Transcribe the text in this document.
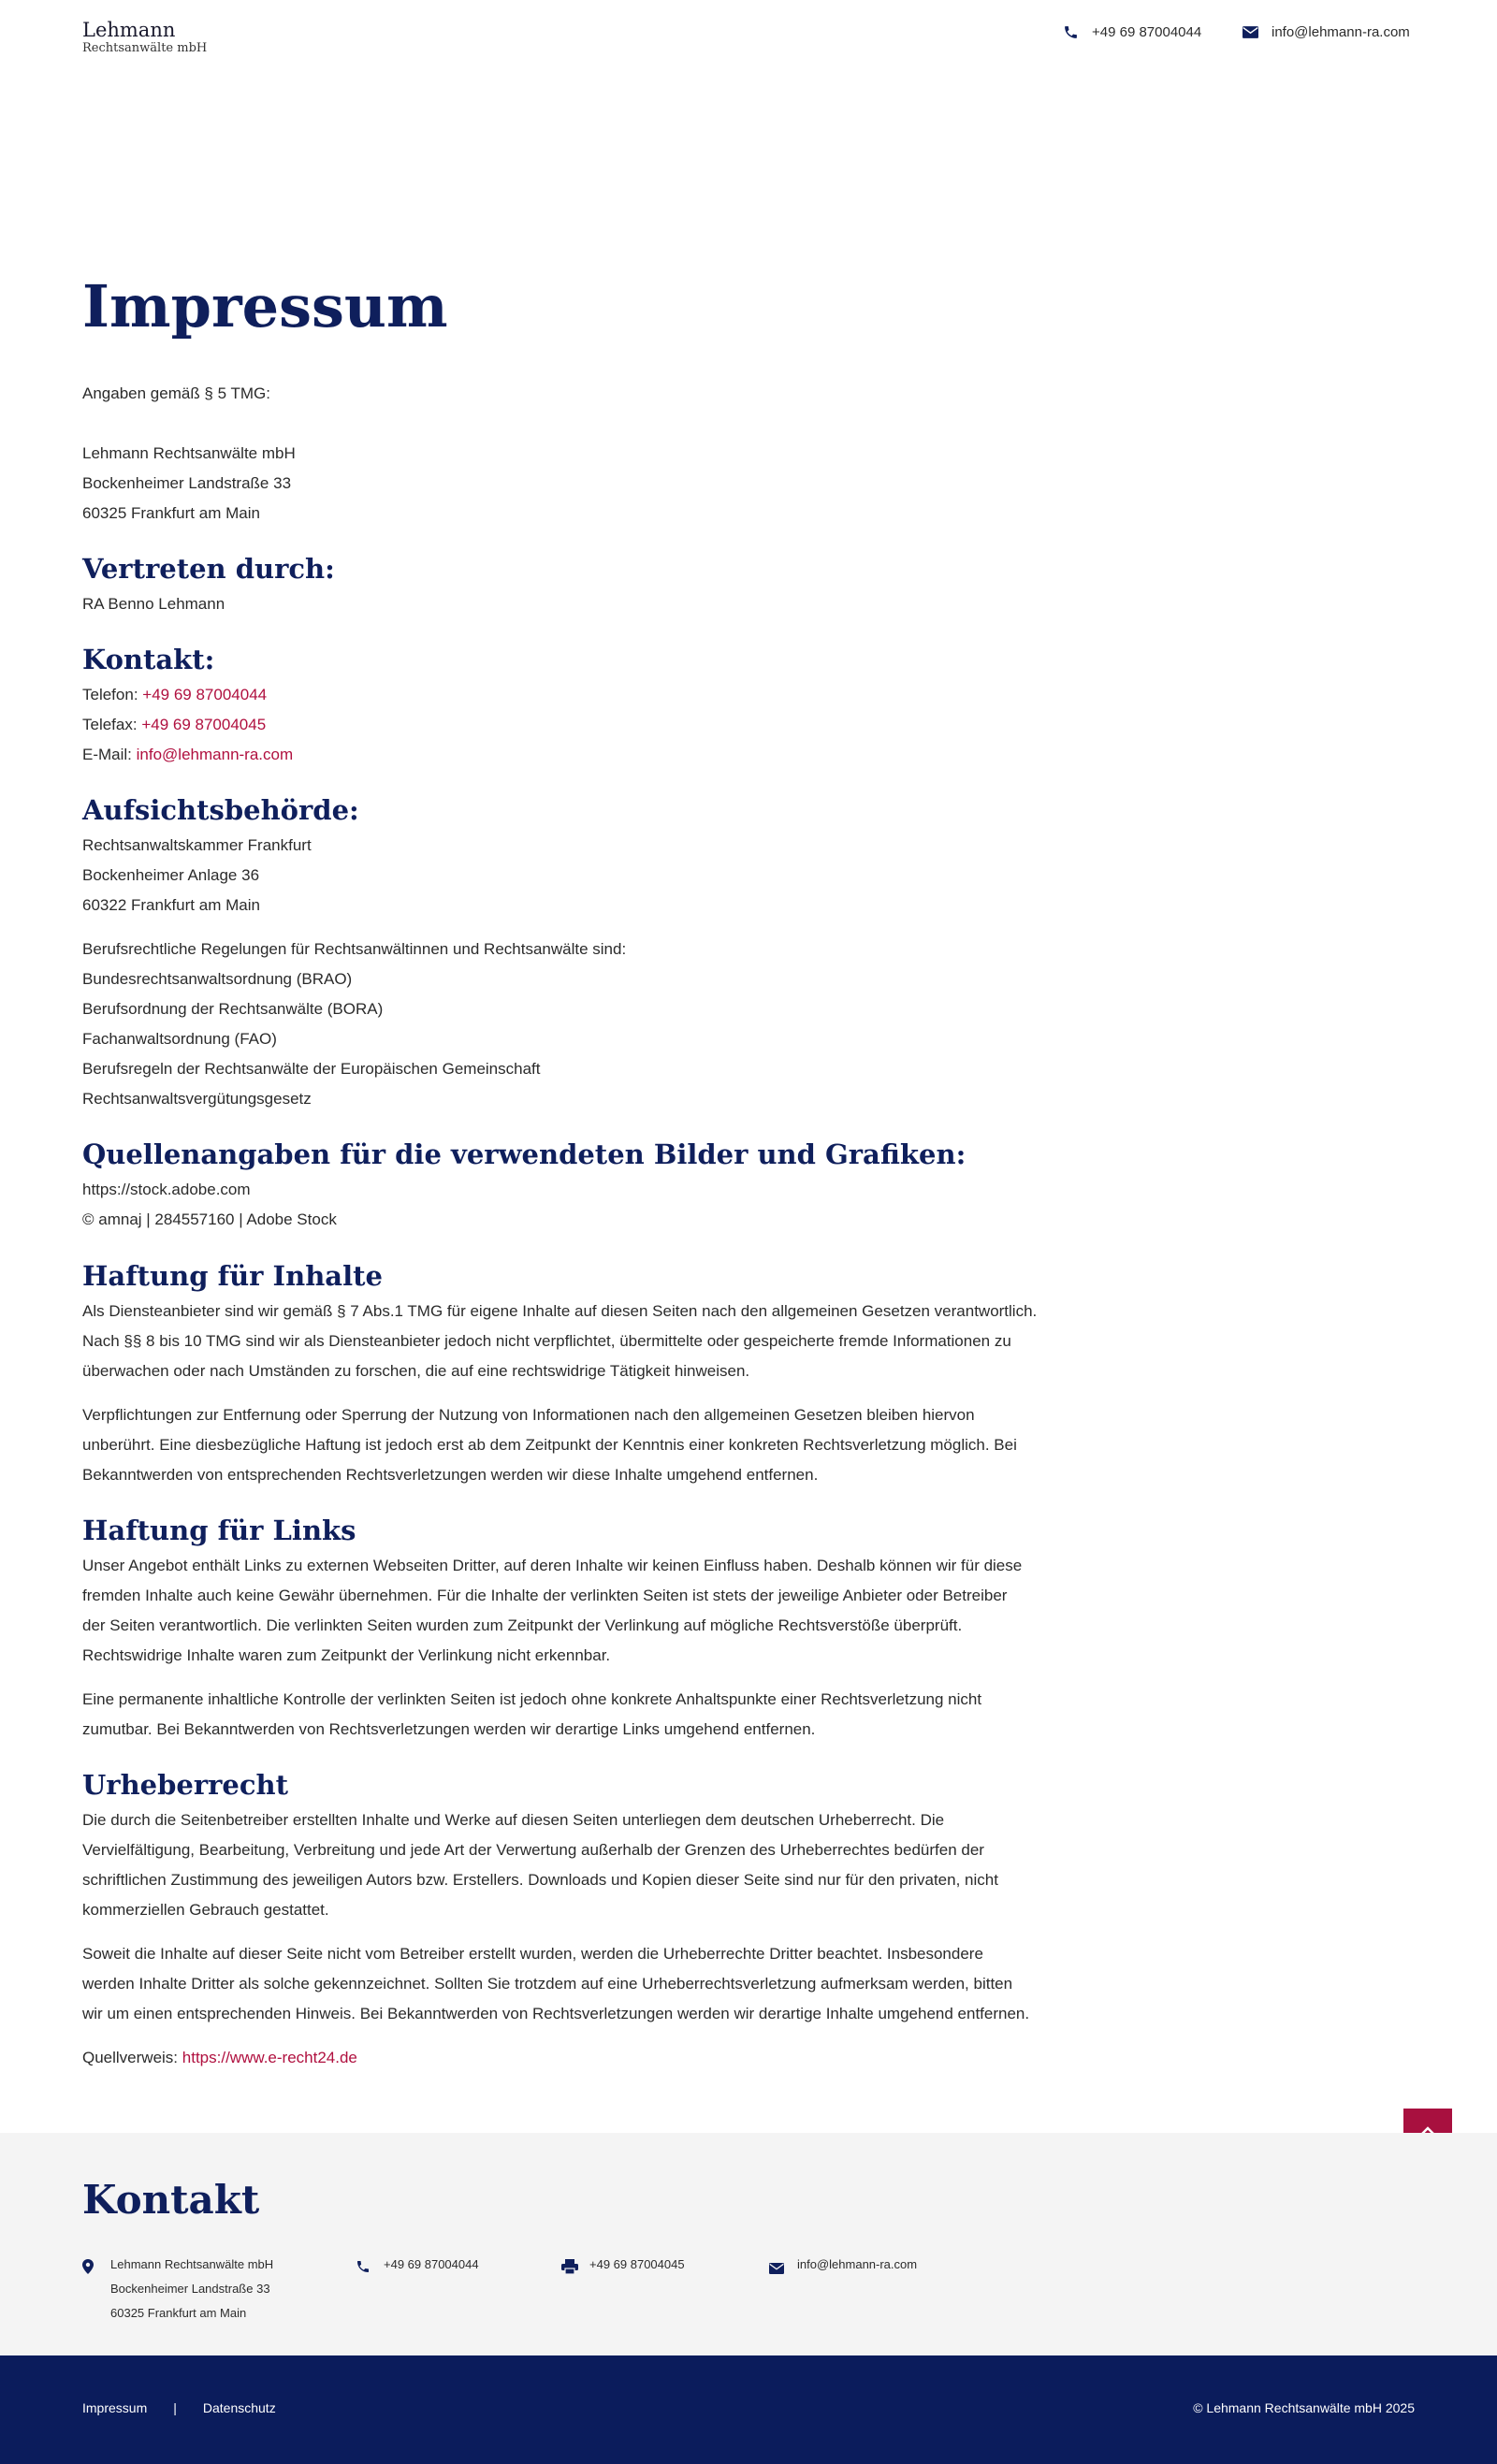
Lehmann
Rechtsanwälte mbH
+49 69 87004044	info@lehmann-ra.com
Impressum
Angaben gemäß § 5 TMG:
Lehmann Rechtsanwälte mbH
Bockenheimer Landstraße 33
60325 Frankfurt am Main
Vertreten durch:
RA Benno Lehmann
Kontakt:
Telefon: +49 69 87004044
Telefax: +49 69 87004045
E-Mail: info@lehmann-ra.com
Aufsichtsbehörde:
Rechtsanwaltskammer Frankfurt
Bockenheimer Anlage 36
60322 Frankfurt am Main
Berufsrechtliche Regelungen für Rechtsanwältinnen und Rechtsanwälte sind:
Bundesrechtsanwaltsordnung (BRAO)
Berufsordnung der Rechtsanwälte (BORA)
Fachanwaltsordnung (FAO)
Berufsregeln der Rechtsanwälte der Europäischen Gemeinschaft
Rechtsanwaltsvergütungsgesetz
Quellenangaben für die verwendeten Bilder und Grafiken:
https://stock.adobe.com
© amnaj | 284557160 | Adobe Stock
Haftung für Inhalte
Als Diensteanbieter sind wir gemäß § 7 Abs.1 TMG für eigene Inhalte auf diesen Seiten nach den allgemeinen Gesetzen verantwortlich.
Nach §§ 8 bis 10 TMG sind wir als Diensteanbieter jedoch nicht verpflichtet, übermittelte oder gespeicherte fremde Informationen zu
überwachen oder nach Umständen zu forschen, die auf eine rechtswidrige Tätigkeit hinweisen.
Verpflichtungen zur Entfernung oder Sperrung der Nutzung von Informationen nach den allgemeinen Gesetzen bleiben hiervon
unberührt. Eine diesbezügliche Haftung ist jedoch erst ab dem Zeitpunkt der Kenntnis einer konkreten Rechtsverletzung möglich. Bei
Bekanntwerden von entsprechenden Rechtsverletzungen werden wir diese Inhalte umgehend entfernen.
Haftung für Links
Unser Angebot enthält Links zu externen Webseiten Dritter, auf deren Inhalte wir keinen Einfluss haben. Deshalb können wir für diese
fremden Inhalte auch keine Gewähr übernehmen. Für die Inhalte der verlinkten Seiten ist stets der jeweilige Anbieter oder Betreiber
der Seiten verantwortlich. Die verlinkten Seiten wurden zum Zeitpunkt der Verlinkung auf mögliche Rechtsverstöße überprüft.
Rechtswidrige Inhalte waren zum Zeitpunkt der Verlinkung nicht erkennbar.
Eine permanente inhaltliche Kontrolle der verlinkten Seiten ist jedoch ohne konkrete Anhaltspunkte einer Rechtsverletzung nicht
zumutbar. Bei Bekanntwerden von Rechtsverletzungen werden wir derartige Links umgehend entfernen.
Urheberrecht
Die durch die Seitenbetreiber erstellten Inhalte und Werke auf diesen Seiten unterliegen dem deutschen Urheberrecht. Die
Vervielfältigung, Bearbeitung, Verbreitung und jede Art der Verwertung außerhalb der Grenzen des Urheberrechtes bedürfen der
schriftlichen Zustimmung des jeweiligen Autors bzw. Erstellers. Downloads und Kopien dieser Seite sind nur für den privaten, nicht
kommerziellen Gebrauch gestattet.
Soweit die Inhalte auf dieser Seite nicht vom Betreiber erstellt wurden, werden die Urheberrechte Dritter beachtet. Insbesondere
werden Inhalte Dritter als solche gekennzeichnet. Sollten Sie trotzdem auf eine Urheberrechtsverletzung aufmerksam werden, bitten
wir um einen entsprechenden Hinweis. Bei Bekanntwerden von Rechtsverletzungen werden wir derartige Inhalte umgehend entfernen.
Quellverweis: https://www.e-recht24.de
Kontakt
Lehmann Rechtsanwälte mbH
Bockenheimer Landstraße 33
60325 Frankfurt am Main
+49 69 87004044	+49 69 87004045	info@lehmann-ra.com
Impressum | Datenschutz	© Lehmann Rechtsanwälte mbH 2025
